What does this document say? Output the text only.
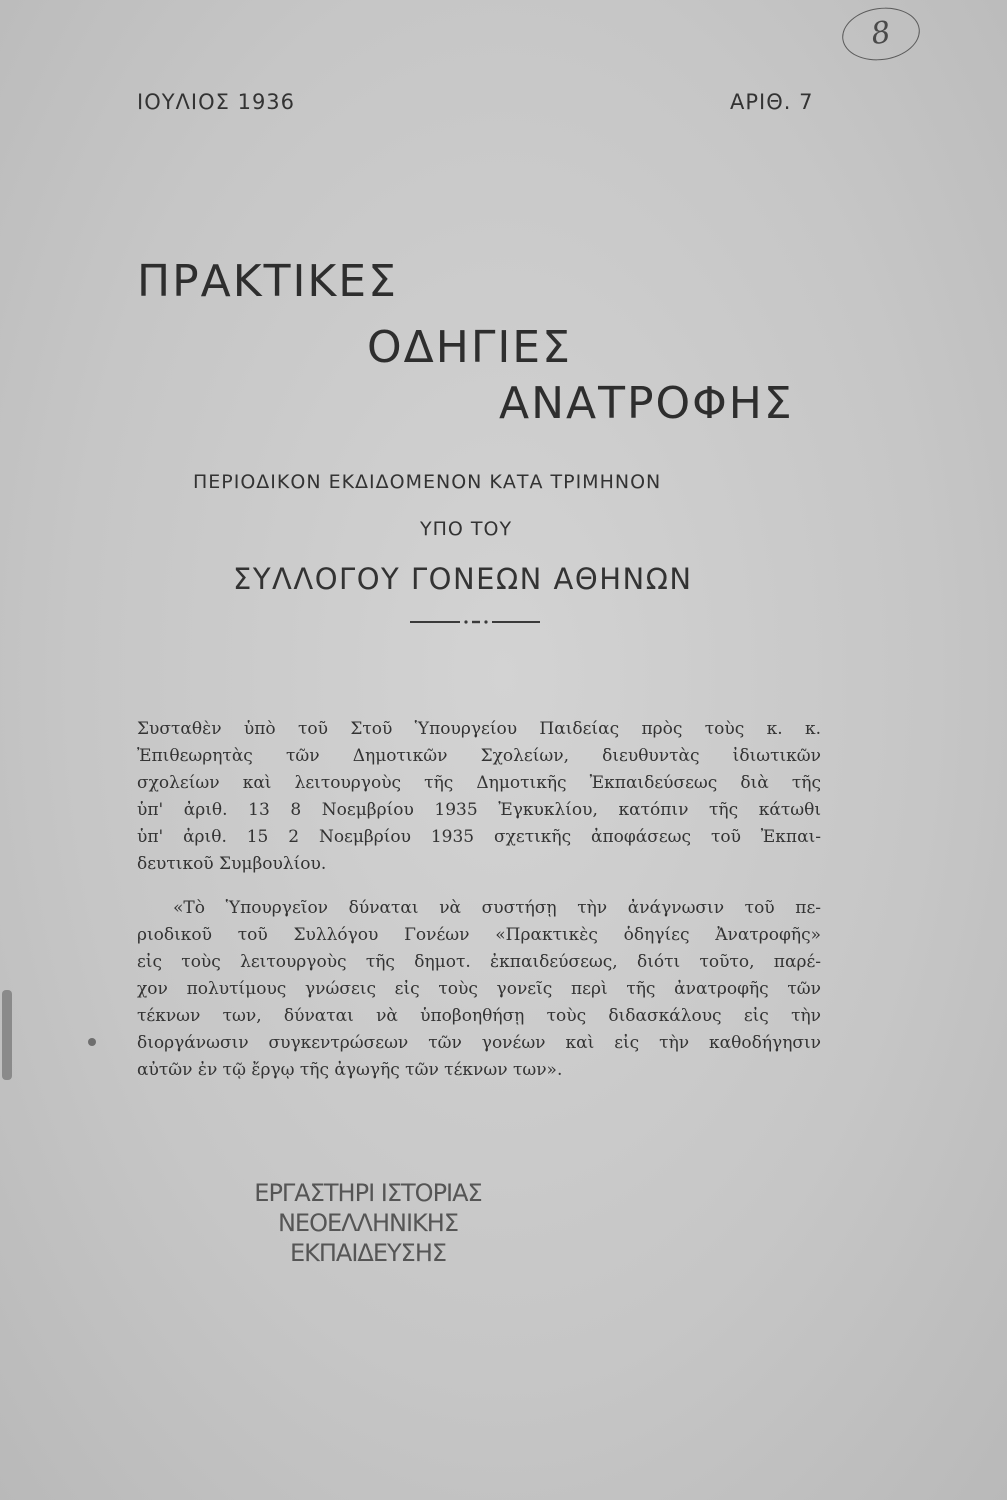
8
ΙΟΥΛΙΟΣ 1936	ΑΡΙΘ. 7
ΠΡΑΚΤΙΚΕΣ
ΟΔΗΓΙΕΣ
ΑΝΑΤΡΟΦΗΣ
ΠΕΡΙΟΔΙΚΟΝ ΕΚΔΙΔΟΜΕΝΟΝ ΚΑΤΑ ΤΡΙΜΗΝΟΝ
ΥΠΟ ΤΟΥ
ΣΥΛΛΟΓΟΥ ΓΟΝΕΩΝ ΑΘΗΝΩΝ
Συσταθὲν ὑπὸ τοῦ Στοῦ Ὑπουργείου Παιδείας πρὸς τοὺς κ. κ.
Ἐπιθεωρητὰς τῶν Δημοτικῶν Σχολείων, διευθυντὰς ἰδιωτικῶν
σχολείων καὶ λειτουργοὺς τῆς Δημοτικῆς Ἐκπαιδεύσεως διὰ τῆς
ὑπ' ἀριθ. 13 8 Νοεμβρίου 1935 Ἐγκυκλίου, κατόπιν τῆς κάτωθι
ὑπ' ἀριθ. 15 2 Νοεμβρίου 1935 σχετικῆς ἀποφάσεως τοῦ Ἐκπαι-
δευτικοῦ Συμβουλίου.
«Τὸ Ὑπουργεῖον δύναται νὰ συστήσῃ τὴν ἀνάγνωσιν τοῦ πε-
ριοδικοῦ τοῦ Συλλόγου Γονέων «Πρακτικὲς ὁδηγίες Ἀνατροφῆς»
εἰς τοὺς λειτουργοὺς τῆς δημοτ. ἐκπαιδεύσεως, διότι τοῦτο, παρέ-
χον πολυτίμους γνώσεις εἰς τοὺς γονεῖς περὶ τῆς ἀνατροφῆς τῶν
τέκνων των, δύναται νὰ ὑποβοηθήσῃ τοὺς διδασκάλους εἰς τὴν
διοργάνωσιν συγκεντρώσεων τῶν γονέων καὶ εἰς τὴν καθοδήγησιν
αὐτῶν ἐν τῷ ἔργῳ τῆς ἀγωγῆς τῶν τέκνων των».
ΕΡΓΑΣΤΗΡΙ ΙΣΤΟΡΙΑΣ
ΝΕΟΕΛΛΗΝΙΚΗΣ
ΕΚΠΑΙΔΕΥΣΗΣ
